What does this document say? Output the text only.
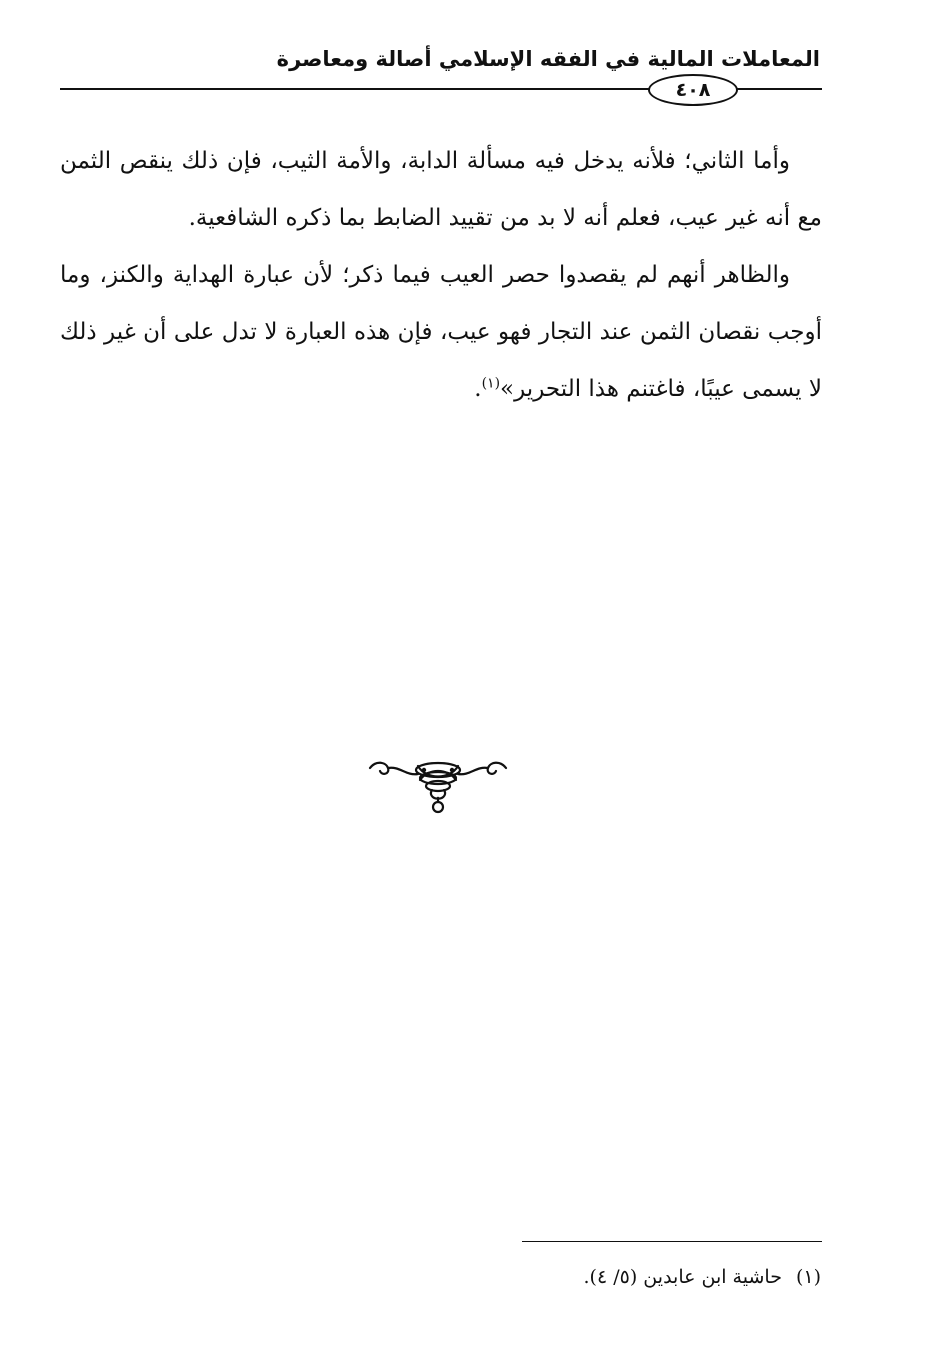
المعاملات المالية في الفقه الإسلامي أصالة ومعاصرة
٤٠٨

وأما الثاني؛ فلأنه يدخل فيه مسألة الدابة، والأمة الثيب، فإن ذلك ينقص الثمن مع أنه غير عيب، فعلم أنه لا بد من تقييد الضابط بما ذكره الشافعية.

والظاهر أنهم لم يقصدوا حصر العيب فيما ذكر؛ لأن عبارة الهداية والكنز، وما أوجب نقصان الثمن عند التجار فهو عيب، فإن هذه العبارة لا تدل على أن غير ذلك لا يسمى عيبًا، فاغتنم هذا التحرير»$^{(١)}$.

(١)حاشية ابن عابدين (٥/ ٤).
